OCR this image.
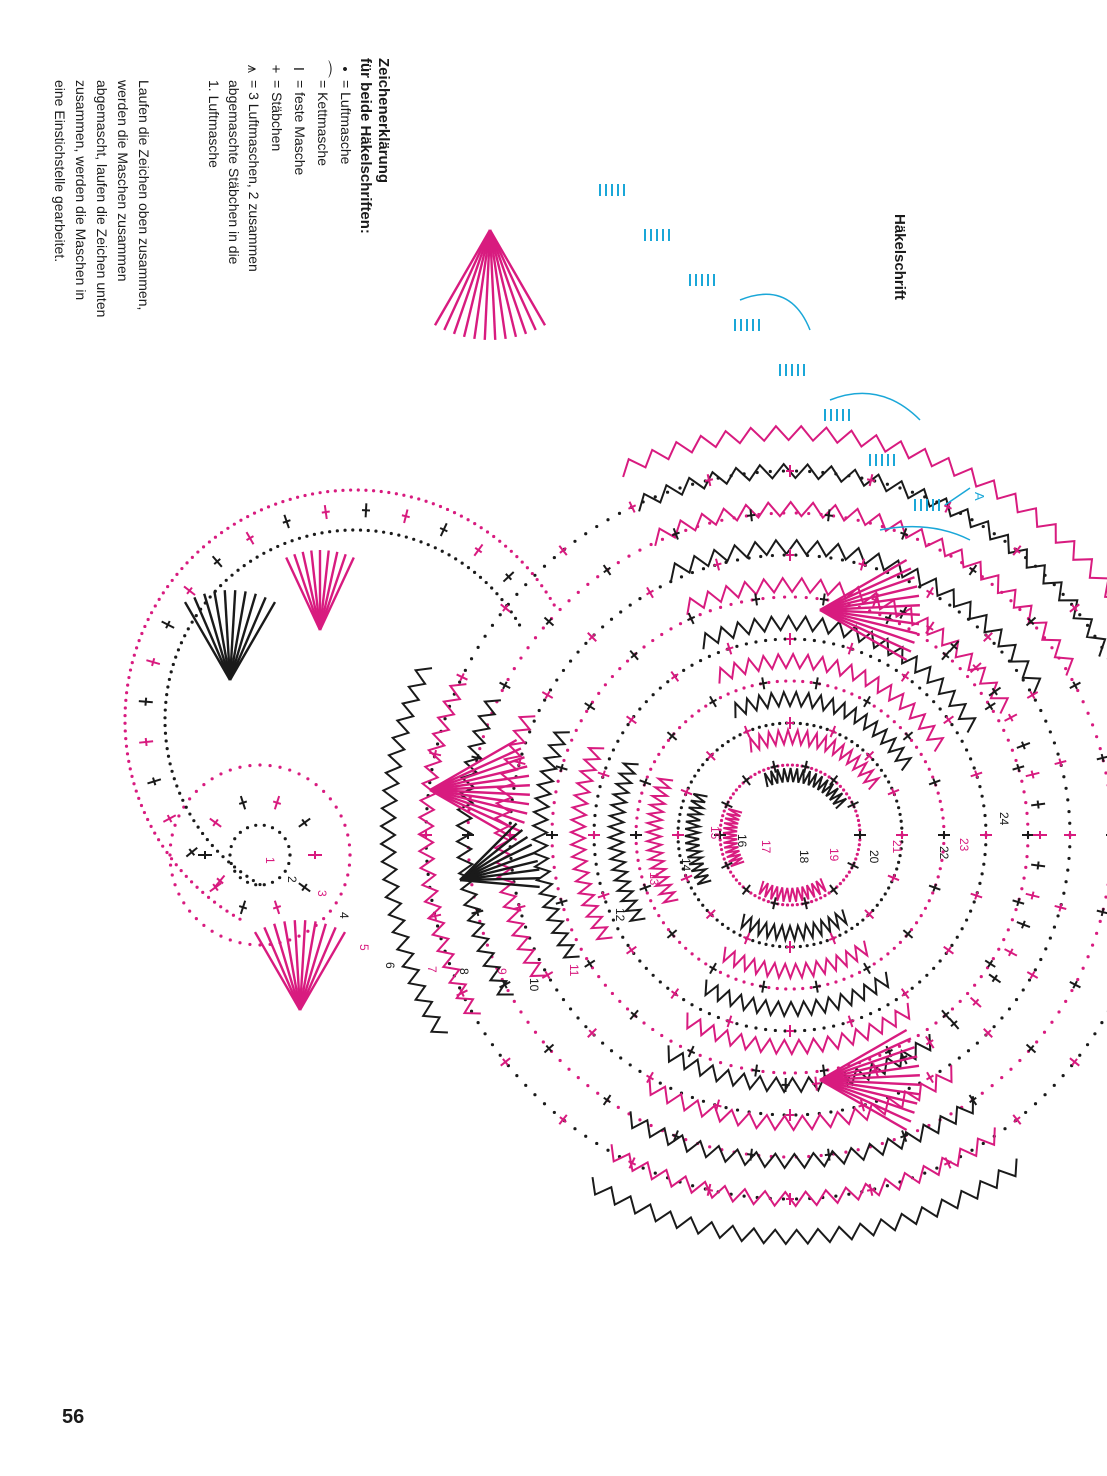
Zeichenerklärung
für beide Häkelschriften:
•
= Luftmasche
⌒
= Kettmasche
I
= feste Masche
+
= Stäbchen
⩚
= 3 Luftmaschen, 2 zusammen
abgemaschte Stäbchen in die
1. Luftmasche
Laufen die Zeichen oben zusammen,
werden die Maschen zusammen
abgemascht, laufen die Zeichen unten
zusammen, werden die Maschen in
eine Einstichstelle gearbeitet.	Häkelschrift
56
1
2
3
4
5
6
7 8 9
10
11
12
13
14
15
16 17
18 19 20
21	22
23
24
A
